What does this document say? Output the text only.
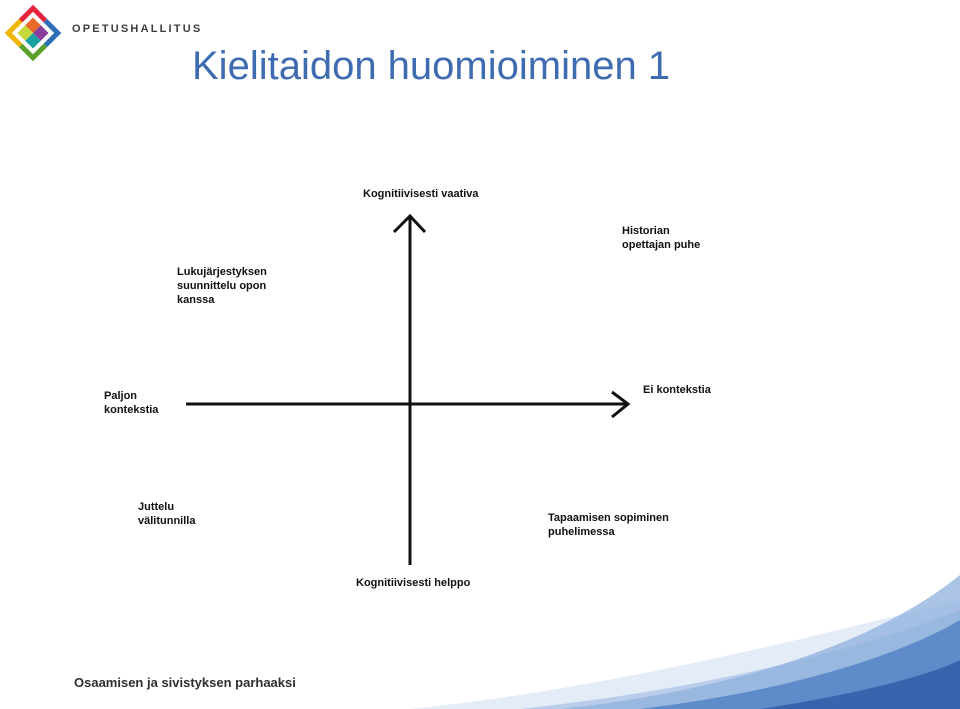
OPETUSHALLITUS
Kielitaidon huomioiminen 1
Kognitiivisesti vaativa
Kognitiivisesti helppo
Paljon
kontekstia
Ei kontekstia
Lukujärjestyksen
suunnittelu opon
kanssa
Historian
opettajan puhe
Juttelu
välitunnilla	Tapaamisen sopiminen
puhelimessa
Osaamisen ja sivistyksen parhaaksi
